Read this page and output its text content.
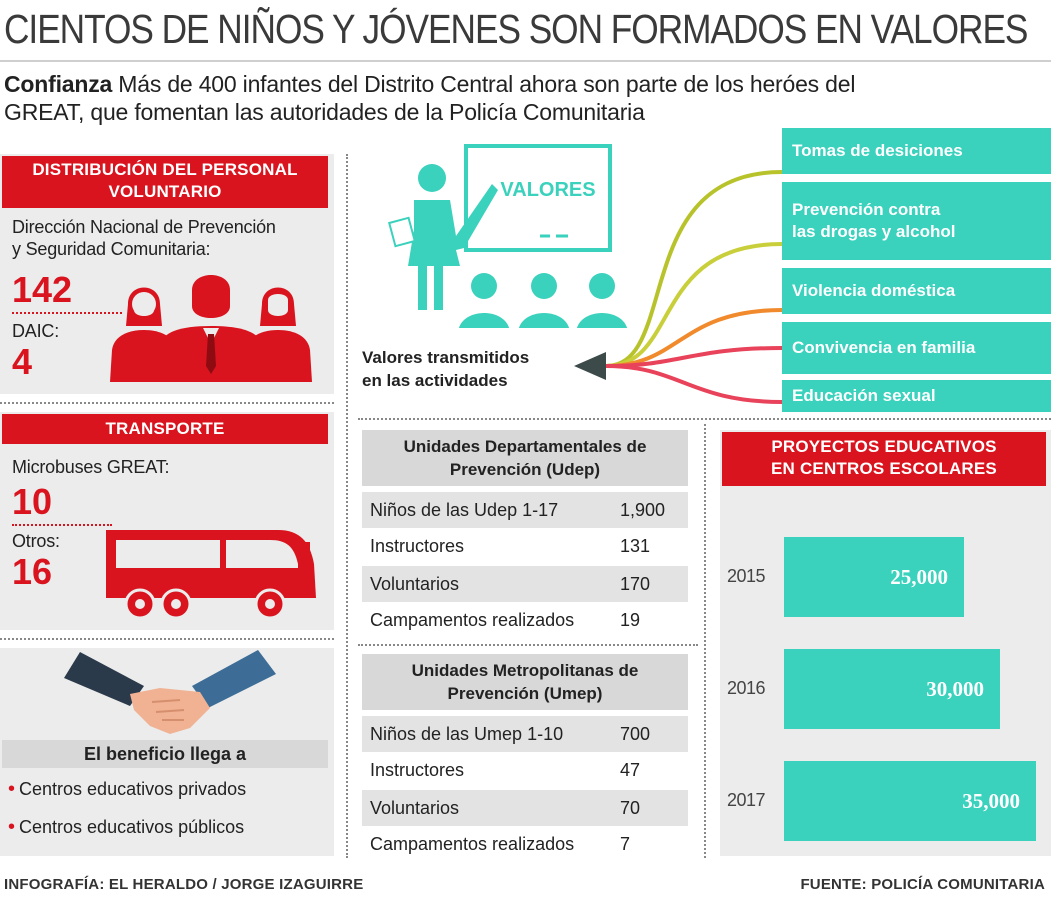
CIENTOS DE NIÑOS Y JÓVENES SON FORMADOS EN VALORES
Confianza Más de 400 infantes del Distrito Central ahora son parte de los heróes del
GREAT, que fomentan las autoridades de la Policía Comunitaria
DISTRIBUCIÓN DEL PERSONAL
VOLUNTARIO
Dirección Nacional de Prevención
y Seguridad Comunitaria:
142
DAIC:
4
TRANSPORTE
Microbuses GREAT:
10
Otros:
16
El beneficio llega a
• Centros educativos privados
• Centros educativos públicos
VALORES
Valores transmitidos
en las actividades
Tomas de desiciones
Prevención contra
las drogas y alcohol
Violencia doméstica
Convivencia en familia
Educación sexual
Unidades Departamentales de
Prevención (Udep)
Niños de las Udep 1-17	1,900
Instructores	131
Voluntarios	170
Campamentos realizados	19
Unidades Metropolitanas de
Prevención (Umep)
Niños de las Umep 1-10	700
Instructores	47
Voluntarios	70
Campamentos realizados	7
PROYECTOS EDUCATIVOS
EN CENTROS ESCOLARES
2015	25,000
2016	30,000
2017	35,000
INFOGRAFÍA: EL HERALDO / JORGE IZAGUIRRE	FUENTE: POLICÍA COMUNITARIA
